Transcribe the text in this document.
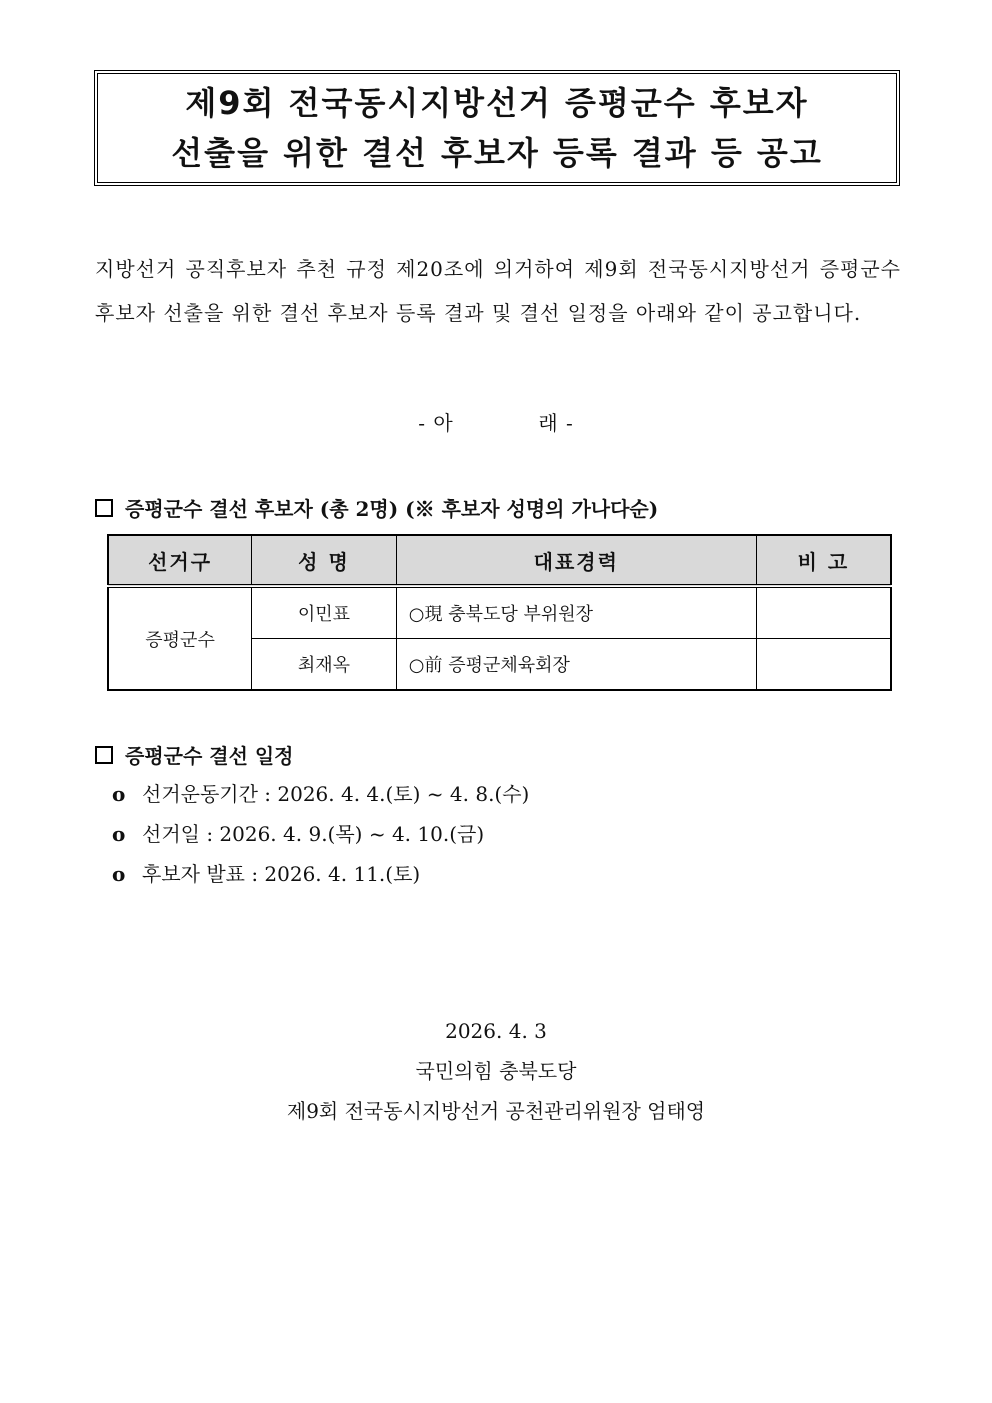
제9회 전국동시지방선거 증평군수 후보자
선출을 위한 결선 후보자 등록 결과 등 공고
지방선거 공직후보자 추천 규정 제20조에 의거하여 제9회 전국동시지방선거 증평군수 후보자 선출을 위한 결선 후보자 등록 결과 및 결선 일정을 아래와 같이 공고합니다.
- 아	래 -
증평군수 결선 후보자 (총 2명) (※ 후보자 성명의 가나다순)
선거구	성 명	대표경력	비 고
증평군수	이민표	○現 충북도당 부위원장	
	최재옥	○前 증평군체육회장	
증평군수 결선 일정
o 선거운동기간 : 2026. 4. 4.(토) ~ 4. 8.(수)
o 선거일 : 2026. 4. 9.(목) ~ 4. 10.(금)
o 후보자 발표 : 2026. 4. 11.(토)
2026. 4. 3
국민의힘 충북도당
제9회 전국동시지방선거 공천관리위원장 엄태영
